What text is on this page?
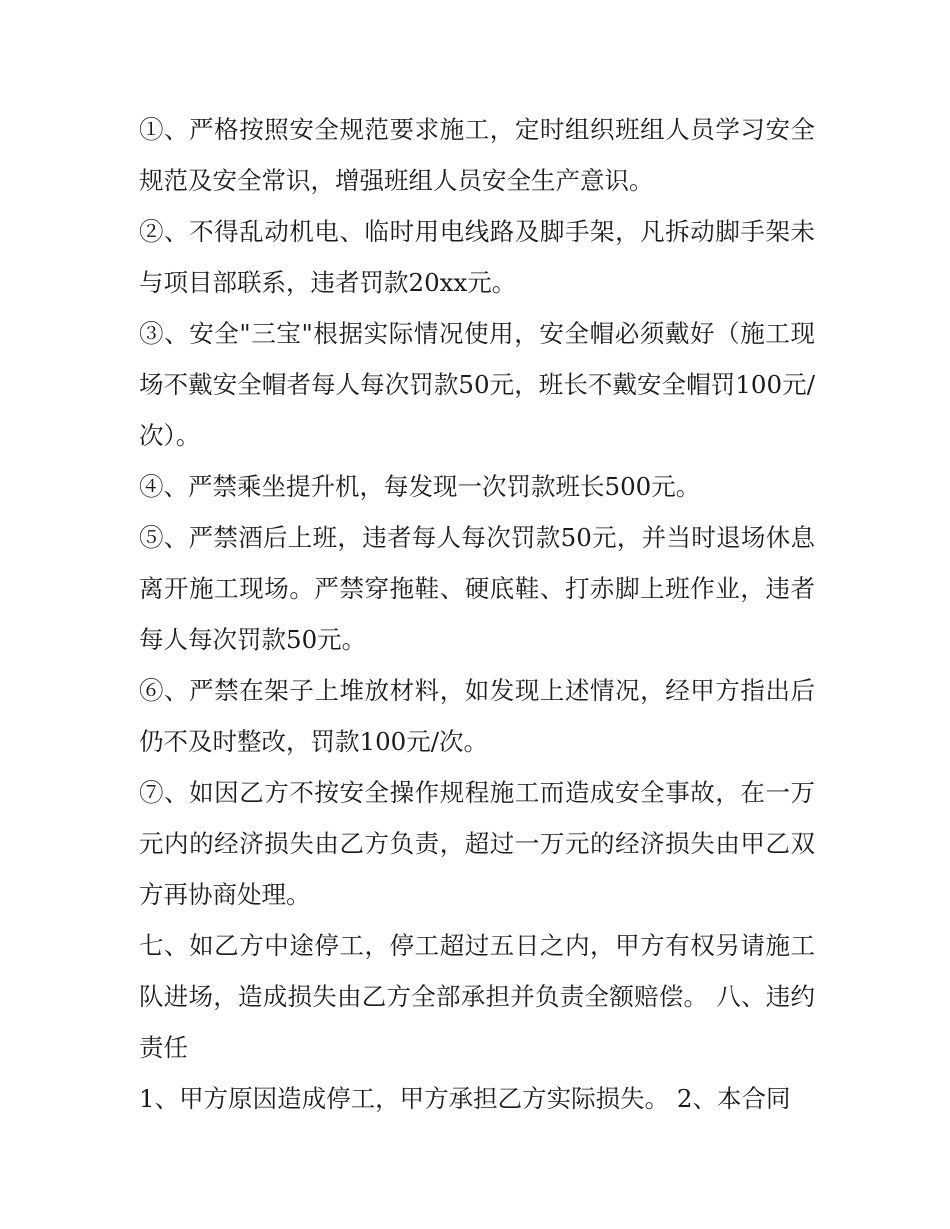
①、严格按照安全规范要求施工，定时组织班组人员学习安全规范及安全常识，增强班组人员安全生产意识。

②、不得乱动机电、临时用电线路及脚手架，凡拆动脚手架未与项目部联系，违者罚款20xx元。

③、安全"三宝"根据实际情况使用，安全帽必须戴好（施工现场不戴安全帽者每人每次罚款50元，班长不戴安全帽罚100元/次）。

④、严禁乘坐提升机，每发现一次罚款班长500元。

⑤、严禁酒后上班，违者每人每次罚款50元，并当时退场休息离开施工现场。严禁穿拖鞋、硬底鞋、打赤脚上班作业，违者每人每次罚款50元。

⑥、严禁在架子上堆放材料，如发现上述情况，经甲方指出后仍不及时整改，罚款100元/次。

⑦、如因乙方不按安全操作规程施工而造成安全事故，在一万元内的经济损失由乙方负责，超过一万元的经济损失由甲乙双方再协商处理。

七、如乙方中途停工，停工超过五日之内，甲方有权另请施工队进场，造成损失由乙方全部承担并负责全额赔偿。 八、违约责任

1、甲方原因造成停工，甲方承担乙方实际损失。 2、本合同
